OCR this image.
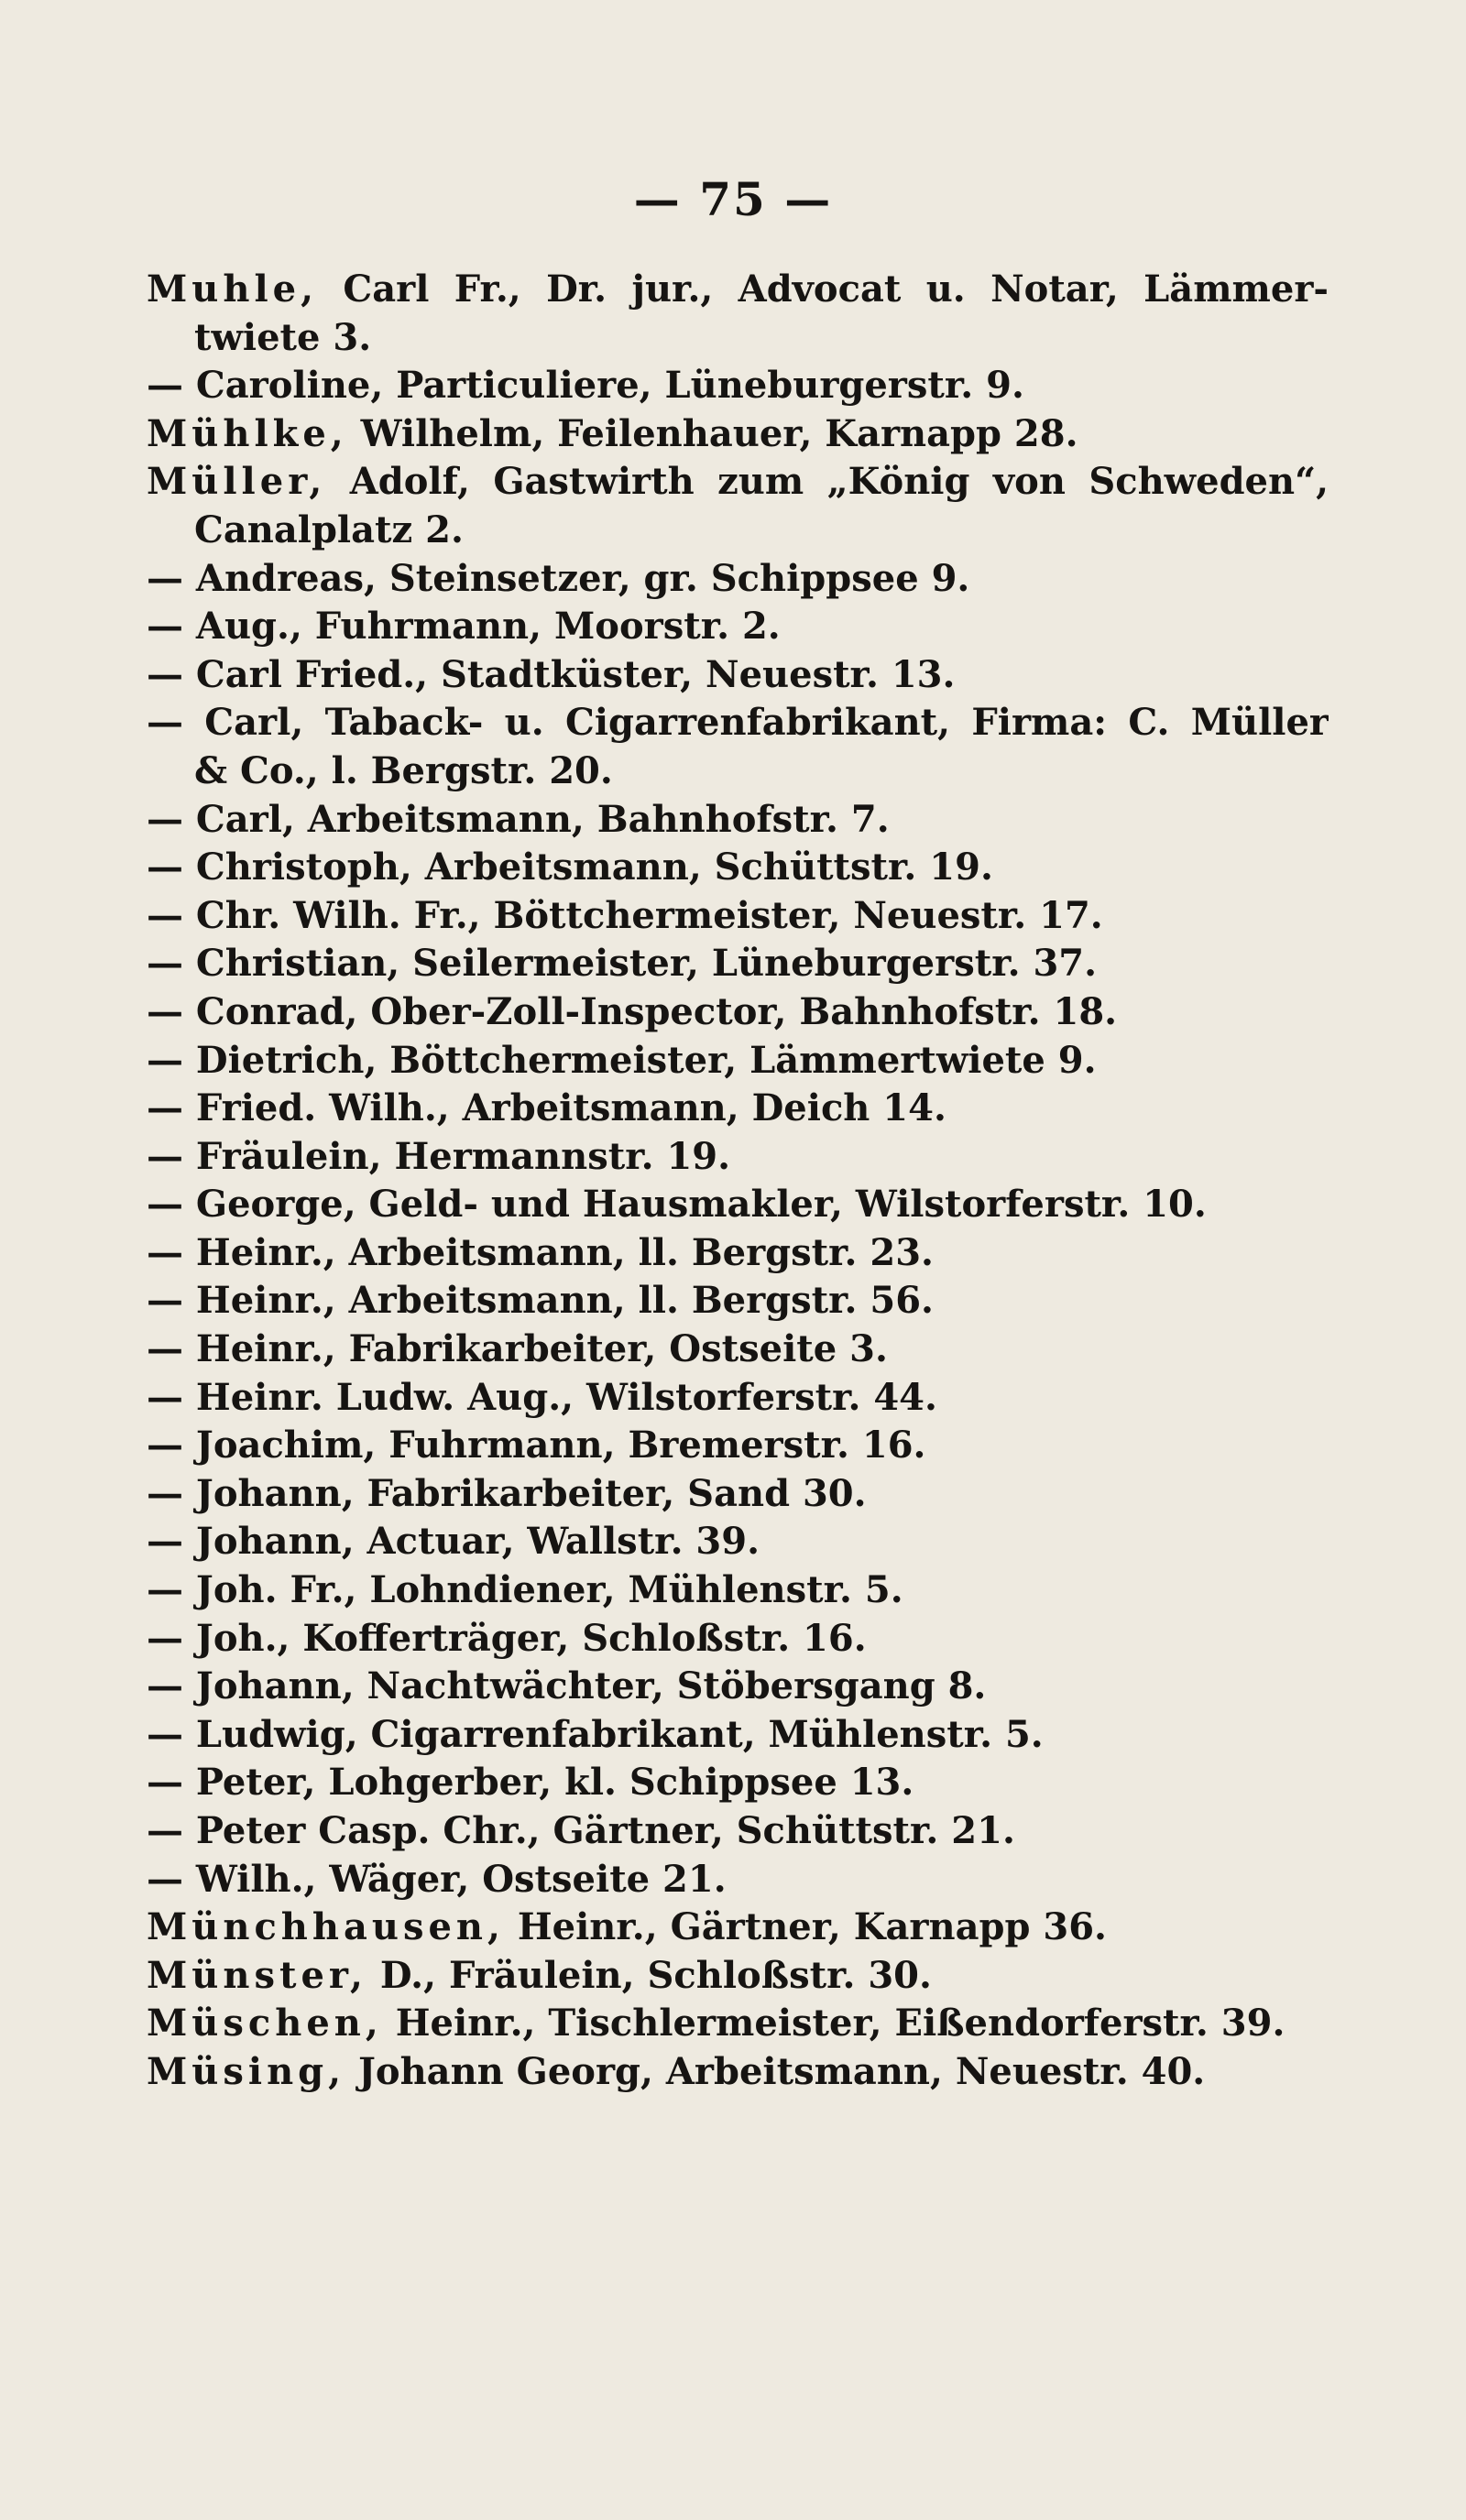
— 75 —
Muhle, Carl Fr., Dr. jur., Advocat u. Notar, Lämmer-
twiete 3.
— Caroline, Particuliere, Lüneburgerstr. 9.
Mühlke, Wilhelm, Feilenhauer, Karnapp 28.
Müller, Adolf, Gastwirth zum „König von Schweden“,
Canalplatz 2.
— Andreas, Steinsetzer, gr. Schippsee 9.
— Aug., Fuhrmann, Moorstr. 2.
— Carl Fried., Stadtküster, Neuestr. 13.
— Carl, Taback- u. Cigarrenfabrikant, Firma: C. Müller
& Co., l. Bergstr. 20.
— Carl, Arbeitsmann, Bahnhofstr. 7.
— Christoph, Arbeitsmann, Schüttstr. 19.
— Chr. Wilh. Fr., Böttchermeister, Neuestr. 17.
— Christian, Seilermeister, Lüneburgerstr. 37.
— Conrad, Ober-Zoll-Inspector, Bahnhofstr. 18.
— Dietrich, Böttchermeister, Lämmertwiete 9.
— Fried. Wilh., Arbeitsmann, Deich 14.
— Fräulein, Hermannstr. 19.
— George, Geld- und Hausmakler, Wilstorferstr. 10.
— Heinr., Arbeitsmann, ll. Bergstr. 23.
— Heinr., Arbeitsmann, ll. Bergstr. 56.
— Heinr., Fabrikarbeiter, Ostseite 3.
— Heinr. Ludw. Aug., Wilstorferstr. 44.
— Joachim, Fuhrmann, Bremerstr. 16.
— Johann, Fabrikarbeiter, Sand 30.
— Johann, Actuar, Wallstr. 39.
— Joh. Fr., Lohndiener, Mühlenstr. 5.
— Joh., Kofferträger, Schloßstr. 16.
— Johann, Nachtwächter, Stöbersgang 8.
— Ludwig, Cigarrenfabrikant, Mühlenstr. 5.
— Peter, Lohgerber, kl. Schippsee 13.
— Peter Casp. Chr., Gärtner, Schüttstr. 21.
— Wilh., Wäger, Ostseite 21.
Münchhausen, Heinr., Gärtner, Karnapp 36.
Münster, D., Fräulein, Schloßstr. 30.
Müschen, Heinr., Tischlermeister, Eißendorferstr. 39.
Müsing, Johann Georg, Arbeitsmann, Neuestr. 40.
